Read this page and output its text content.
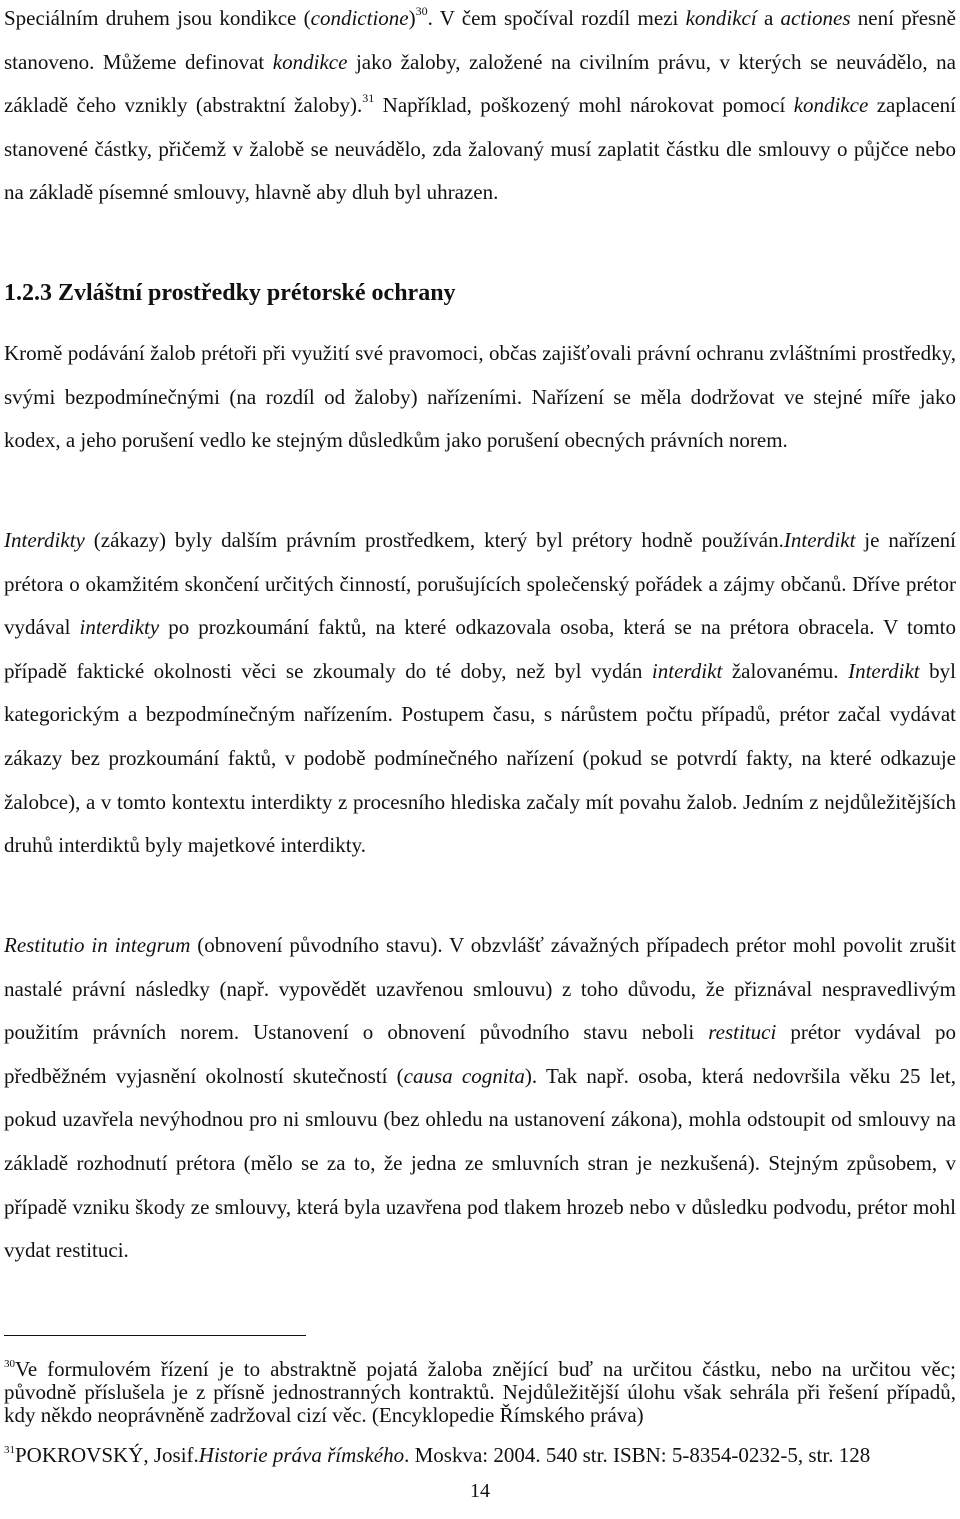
Speciálním druhem jsou kondikce (condictione)$^{30}$. V čem spočíval rozdíl mezi kondikcí a actiones není přesně stanoveno. Můžeme definovat kondikce jako žaloby, založené na civilním právu, v kterých se neuvádělo, na základě čeho vznikly (abstraktní žaloby).$^{31}$ Například, poškozený mohl nárokovat pomocí kondikce zaplacení stanovené částky, přičemž v žalobě se neuvádělo, zda žalovaný musí zaplatit částku dle smlouvy o půjčce nebo na základě písemné smlouvy, hlavně aby dluh byl uhrazen.

1.2.3 Zvláštní prostředky prétorské ochrany

Kromě podávání žalob prétoři při využití své pravomoci, občas zajišťovali právní ochranu zvláštními prostředky, svými bezpodmínečnými (na rozdíl od žaloby) nařízeními. Nařízení se měla dodržovat ve stejné míře jako kodex, a jeho porušení vedlo ke stejným důsledkům jako porušení obecných právních norem.

Interdikty (zákazy) byly dalším právním prostředkem, který byl prétory hodně používán.Interdikt je nařízení prétora o okamžitém skončení určitých činností, porušujících společenský pořádek a zájmy občanů. Dříve prétor vydával interdikty po prozkoumání faktů, na které odkazovala osoba, která se na prétora obracela. V tomto případě faktické okolnosti věci se zkoumaly do té doby, než byl vydán interdikt žalovanému. Interdikt byl kategorickým a bezpodmínečným nařízením. Postupem času, s nárůstem počtu případů, prétor začal vydávat zákazy bez prozkoumání faktů, v podobě podmínečného nařízení (pokud se potvrdí fakty, na které odkazuje žalobce), a v tomto kontextu interdikty z procesního hlediska začaly mít povahu žalob. Jedním z nejdůležitějších druhů interdiktů byly majetkové interdikty.

Restitutio in integrum (obnovení původního stavu). V obzvlášť závažných případech prétor mohl povolit zrušit nastalé právní následky (např. vypovědět uzavřenou smlouvu) z toho důvodu, že přiznával nespravedlivým použitím právních norem. Ustanovení o obnovení původního stavu neboli restituci prétor vydával po předběžném vyjasnění okolností skutečností (causa cognita). Tak např. osoba, která nedovršila věku 25 let, pokud uzavřela nevýhodnou pro ni smlouvu (bez ohledu na ustanovení zákona), mohla odstoupit od smlouvy na základě rozhodnutí prétora (mělo se za to, že jedna ze smluvních stran je nezkušená). Stejným způsobem, v případě vzniku škody ze smlouvy, která byla uzavřena pod tlakem hrozeb nebo v důsledku podvodu, prétor mohl vydat restituci.

$^{30}$Ve formulovém řízení je to abstraktně pojatá žaloba znějící buď na určitou částku, nebo na určitou věc; původně příslušela je z přísně jednostranných kontraktů. Nejdůležitější úlohu však sehrála při řešení případů, kdy někdo neoprávněně zadržoval cizí věc. (Encyklopedie Římského práva)

$^{31}$POKROVSKÝ, Josif.Historie práva římského. Moskva: 2004. 540 str. ISBN: 5-8354-0232-5, str. 128

14
